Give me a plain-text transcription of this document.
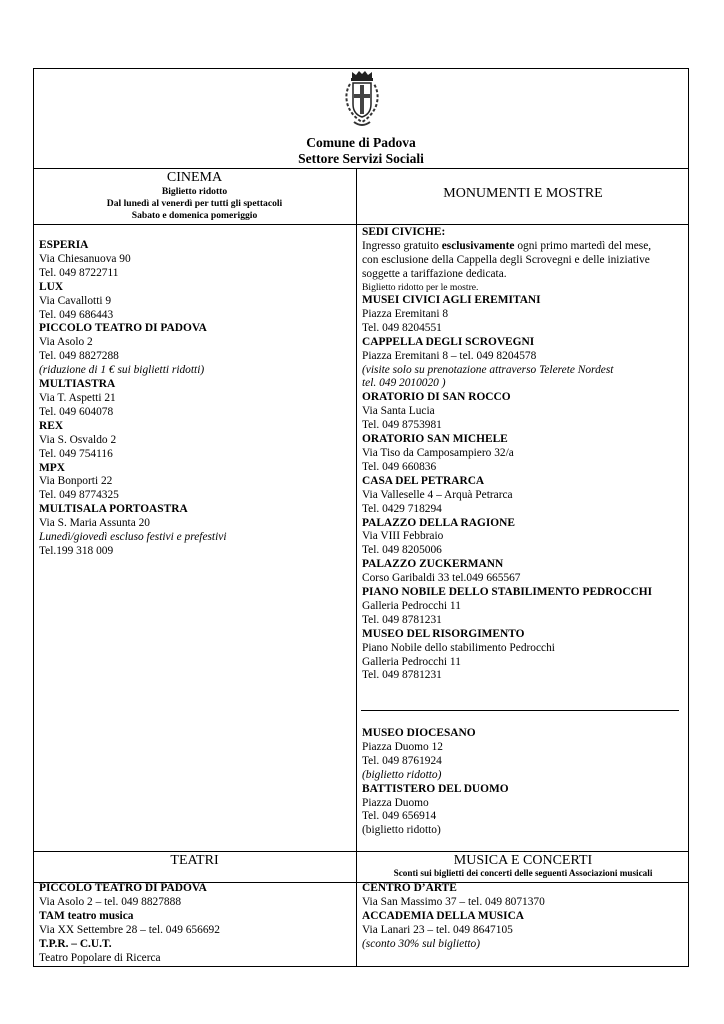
Comune di Padova
Settore Servizi Sociali
CINEMA
Biglietto ridotto
Dal lunedì al venerdì per tutti gli spettacoli
Sabato e domenica pomeriggio
MONUMENTI E MOSTRE
ESPERIA
Via Chiesanuova 90
Tel. 049 8722711
LUX
Via Cavallotti 9
Tel. 049 686443
PICCOLO TEATRO DI PADOVA
Via Asolo 2
Tel. 049 8827288
(riduzione di 1 € sui biglietti ridotti)
MULTIASTRA
Via T. Aspetti 21
Tel. 049 604078
REX
Via S. Osvaldo 2
Tel. 049 754116
MPX
Via Bonporti 22
Tel. 049 8774325
MULTISALA PORTOASTRA
Via S. Maria Assunta 20
Lunedì/giovedì escluso festivi e prefestivi
Tel.199 318 009
SEDI CIVICHE:
Ingresso gratuito esclusivamente ogni primo martedì del mese,
con esclusione della Cappella degli Scrovegni e delle iniziative
soggette a tariffazione dedicata.
Biglietto ridotto per le mostre.
MUSEI CIVICI AGLI EREMITANI
Piazza Eremitani 8
Tel. 049 8204551
CAPPELLA DEGLI SCROVEGNI
Piazza Eremitani 8 – tel. 049 8204578
(visite solo su prenotazione attraverso Telerete Nordest
tel. 049 2010020 )
ORATORIO DI SAN ROCCO
Via Santa Lucia
Tel. 049 8753981
ORATORIO SAN MICHELE
Via Tiso da Camposampiero 32/a
Tel. 049 660836
CASA DEL PETRARCA
Via Valleselle 4 – Arquà Petrarca
Tel. 0429 718294
PALAZZO DELLA RAGIONE
Via VIII Febbraio
Tel. 049 8205006
PALAZZO ZUCKERMANN
Corso Garibaldi 33 tel.049 665567
PIANO NOBILE DELLO STABILIMENTO PEDROCCHI
Galleria Pedrocchi 11
Tel. 049 8781231
MUSEO DEL RISORGIMENTO
Piano Nobile dello stabilimento Pedrocchi
Galleria Pedrocchi 11
Tel. 049 8781231
MUSEO DIOCESANO
Piazza Duomo 12
Tel. 049 8761924
(biglietto ridotto)
BATTISTERO DEL DUOMO
Piazza Duomo
Tel. 049 656914
(biglietto ridotto)
TEATRI	MUSICA E CONCERTI
Sconti sui biglietti dei concerti delle seguenti Associazioni musicali
PICCOLO TEATRO DI PADOVA
Via Asolo 2 – tel. 049 8827888
TAM teatro musica
Via XX Settembre 28 – tel. 049 656692
T.P.R. – C.U.T.
Teatro Popolare di Ricerca
CENTRO D’ARTE
Via San Massimo 37 – tel. 049 8071370
ACCADEMIA DELLA MUSICA
Via Lanari 23 – tel. 049 8647105
(sconto 30% sul biglietto)
